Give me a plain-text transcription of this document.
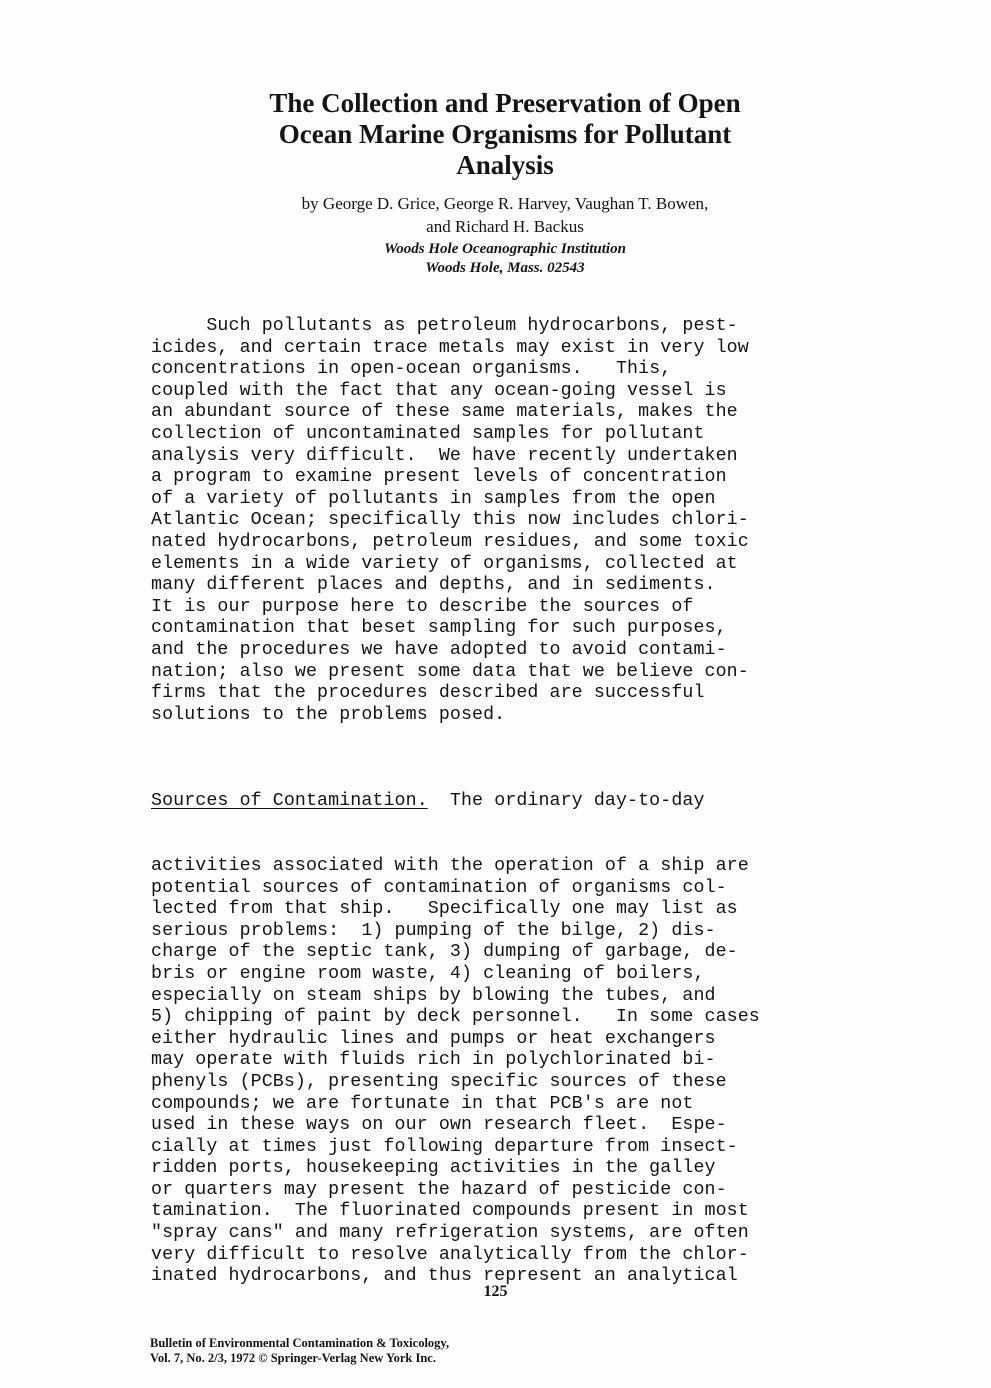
The Collection and Preservation of Open
Ocean Marine Organisms for Pollutant
Analysis
by George D. Grice, George R. Harvey, Vaughan T. Bowen,
and Richard H. Backus
Woods Hole Oceanographic Institution
Woods Hole, Mass. 02543
Such pollutants as petroleum hydrocarbons, pest-
icides, and certain trace metals may exist in very low
concentrations in open-ocean organisms.   This,
coupled with the fact that any ocean-going vessel is
an abundant source of these same materials, makes the
collection of uncontaminated samples for pollutant
analysis very difficult.  We have recently undertaken
a program to examine present levels of concentration
of a variety of pollutants in samples from the open
Atlantic Ocean; specifically this now includes chlori-
nated hydrocarbons, petroleum residues, and some toxic
elements in a wide variety of organisms, collected at
many different places and depths, and in sediments.
It is our purpose here to describe the sources of
contamination that beset sampling for such purposes,
and the procedures we have adopted to avoid contami-
nation; also we present some data that we believe con-
firms that the procedures described are successful
solutions to the problems posed.

Sources of Contamination.  The ordinary day-to-day

activities associated with the operation of a ship are
potential sources of contamination of organisms col-
lected from that ship.   Specifically one may list as
serious problems:  1) pumping of the bilge, 2) dis-
charge of the septic tank, 3) dumping of garbage, de-
bris or engine room waste, 4) cleaning of boilers,
especially on steam ships by blowing the tubes, and
5) chipping of paint by deck personnel.   In some cases
either hydraulic lines and pumps or heat exchangers
may operate with fluids rich in polychlorinated bi-
phenyls (PCBs), presenting specific sources of these
compounds; we are fortunate in that PCB's are not
used in these ways on our own research fleet.  Espe-
cially at times just following departure from insect-
ridden ports, housekeeping activities in the galley
or quarters may present the hazard of pesticide con-
tamination.  The fluorinated compounds present in most
"spray cans" and many refrigeration systems, are often
very difficult to resolve analytically from the chlor-
inated hydrocarbons, and thus represent an analytical
125
Bulletin of Environmental Contamination & Toxicology,
Vol. 7, No. 2/3, 1972 © Springer-Verlag New York Inc.
